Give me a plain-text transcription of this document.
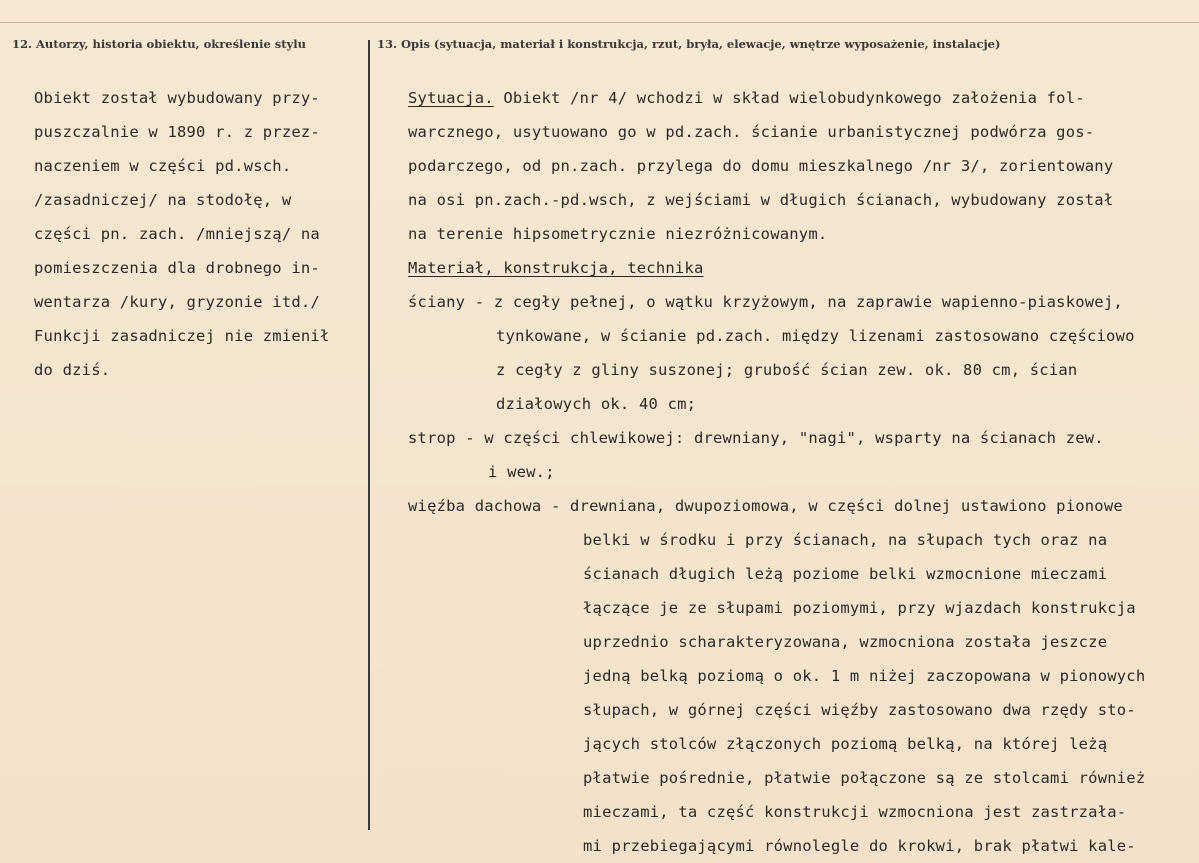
12. Autorzy, historia obiektu, określenie stylu	13. Opis (sytuacja, materiał i konstrukcja, rzut, bryła, elewacje, wnętrze wyposażenie, instalacje)
Obiekt został wybudowany przy-
puszczalnie w 1890 r. z przez-
naczeniem w części pd.wsch.
/zasadniczej/ na stodołę, w
części pn. zach. /mniejszą/ na
pomieszczenia dla drobnego in-
wentarza /kury, gryzonie itd./
Funkcji zasadniczej nie zmienił
do dziś.
Sytuacja. Obiekt /nr 4/ wchodzi w skład wielobudynkowego założenia fol-
warcznego, usytuowano go w pd.zach. ścianie urbanistycznej podwórza gos-
podarczego, od pn.zach. przylega do domu mieszkalnego /nr 3/, zorientowany
na osi pn.zach.-pd.wsch, z wejściami w długich ścianach, wybudowany został
na terenie hipsometrycznie niezróżnicowanym.
Materiał, konstrukcja, technika
ściany - z cegły pełnej, o wątku krzyżowym, na zaprawie wapienno-piaskowej,
tynkowane, w ścianie pd.zach. między lizenami zastosowano częściowo
z cegły z gliny suszonej; grubość ścian zew. ok. 80 cm, ścian
działowych ok. 40 cm;
strop - w części chlewikowej: drewniany, "nagi", wsparty na ścianach zew.
i wew.;
więźba dachowa - drewniana, dwupoziomowa, w części dolnej ustawiono pionowe
belki w środku i przy ścianach, na słupach tych oraz na
ścianach długich leżą poziome belki wzmocnione mieczami
łączące je ze słupami poziomymi, przy wjazdach konstrukcja
uprzednio scharakteryzowana, wzmocniona została jeszcze
jedną belką poziomą o ok. 1 m niżej zaczopowana w pionowych
słupach, w górnej części więźby zastosowano dwa rzędy sto-
jących stolców złączonych poziomą belką, na której leżą
płatwie pośrednie, płatwie połączone są ze stolcami również
mieczami, ta część konstrukcji wzmocniona jest zastrzała-
mi przebiegającymi równolegle do krokwi, brak płatwi kale-
